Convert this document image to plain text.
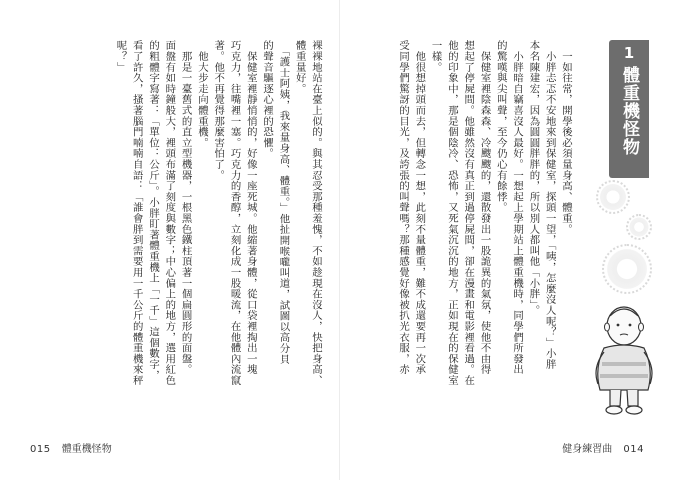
裸裸地站在臺上似的。與其忍受那種羞愧，不如趁現在沒人，快把身高、
體重量好。
　「護士阿姨，我來量身高、體重。」他扯開喉嚨叫道，試圖以高分貝
的聲音驅逐心裡的恐懼。
　保健室裡靜悄悄的，好像一座死城。他縮著身體，從口袋裡掏出一塊
巧克力，往嘴裡一塞。巧克力的香醇，立刻化成一股暖流，在他體內流竄
著。他不再覺得那麼害怕了。
　他大步走向體重機。
　那是一臺舊式的直立型機器，一根黑色鐵柱頂著一個扁圓形的面盤。
面盤有如時鐘般大，裡頭布滿了刻度與數字；中心偏上的地方，選用紅色
的粗體字寫著：「單位：公斤」。小胖盯著體重機上「一千」這個數字，
看了許久，搔著腦門喃喃自語：「誰會胖到需要用一千公斤的體重機來秤
呢？」	　一如往常，開學後必須量身高、體重。
　小胖忐忑不安地來到保健室，探頭一望，「咦，怎麼沒人呢？」小胖
本名陳建宏，因為圓圓胖胖的，所以別人都叫他「小胖」。
　小胖暗自竊喜沒人最好。一想起上學期站上體重機時，同學們所發出
的驚嘆與尖叫聲，至今仍心有餘悸。
　保健室裡陰森森、冷颼颼的，還散發出一股詭異的氣氛，使他不由得
想起了停屍間。他雖然沒有真正到過停屍間，卻在漫畫和電影裡看過。在
他的印象中，那是個陰冷、恐怖，又死氣沉沉的地方，正如現在的保健室
一樣。
　他很想掉頭而去，但轉念一想，此刻不量體重，難不成還要再一次承
受同學們驚訝的目光，及誇張的叫聲嗎？那種感覺好像被扒光衣服，赤	1
體重機怪物
015 體重機怪物	健身練習曲 014
